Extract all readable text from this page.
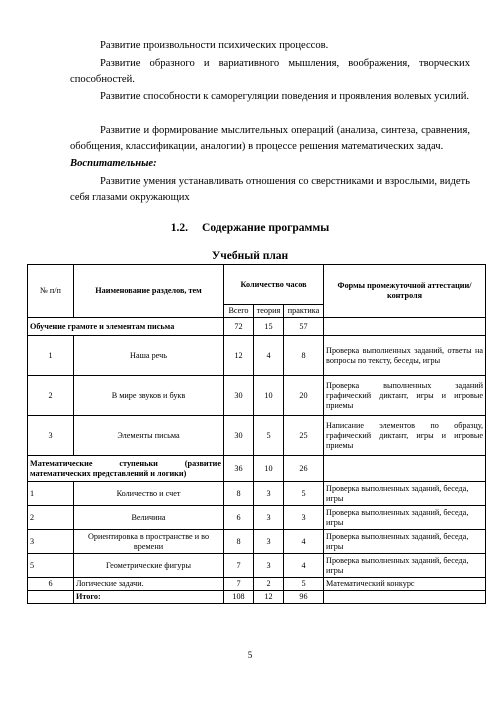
Развитие произвольности психических процессов.

Развитие образного и вариативного мышления, воображения, творческих способностей.

Развитие способности к саморегуляции поведения и проявления волевых усилий.

Развитие и формирование мыслительных операций (анализа, синтеза, сравнения, обобщения, классификации, аналогии) в процессе решения математических задач.

Воспитательные:

Развитие умения устанавливать отношения со сверстниками и взрослыми, видеть себя глазами окружающих

1.2. Содержание программы
Учебный план
№ п/п	Наименование разделов, тем	Количество часов			Формы промежуточной аттестации/ контроля
		Всего	теория	практика	
Обучение грамоте и элементам письма		72	15	57	
1	Наша речь	12	4	8	Проверка выполненных заданий, ответы на вопросы по тексту, беседы, игры
2	В мире звуков и букв	30	10	20	Проверка выполненных заданий графический диктант, игры и игровые приемы
3	Элементы письма	30	5	25	Написание элементов по образцу, графический диктант, игры и игровые приемы
Математические ступеньки (развитие математических представлений и логики)		36	10	26	
1	Количество и счет	8	3	5	Проверка выполненных заданий, беседа, игры
2	Величина	6	3	3	Проверка выполненных заданий, беседа, игры
3	Ориентировка в пространстве и во времени	8	3	4	Проверка выполненных заданий, беседа, игры
5	Геометрические фигуры	7	3	4	Проверка выполненных заданий, беседа, игры
6	Логические задачи.	7	2	5	Математический конкурс
	Итого:	108	12	96	
5
